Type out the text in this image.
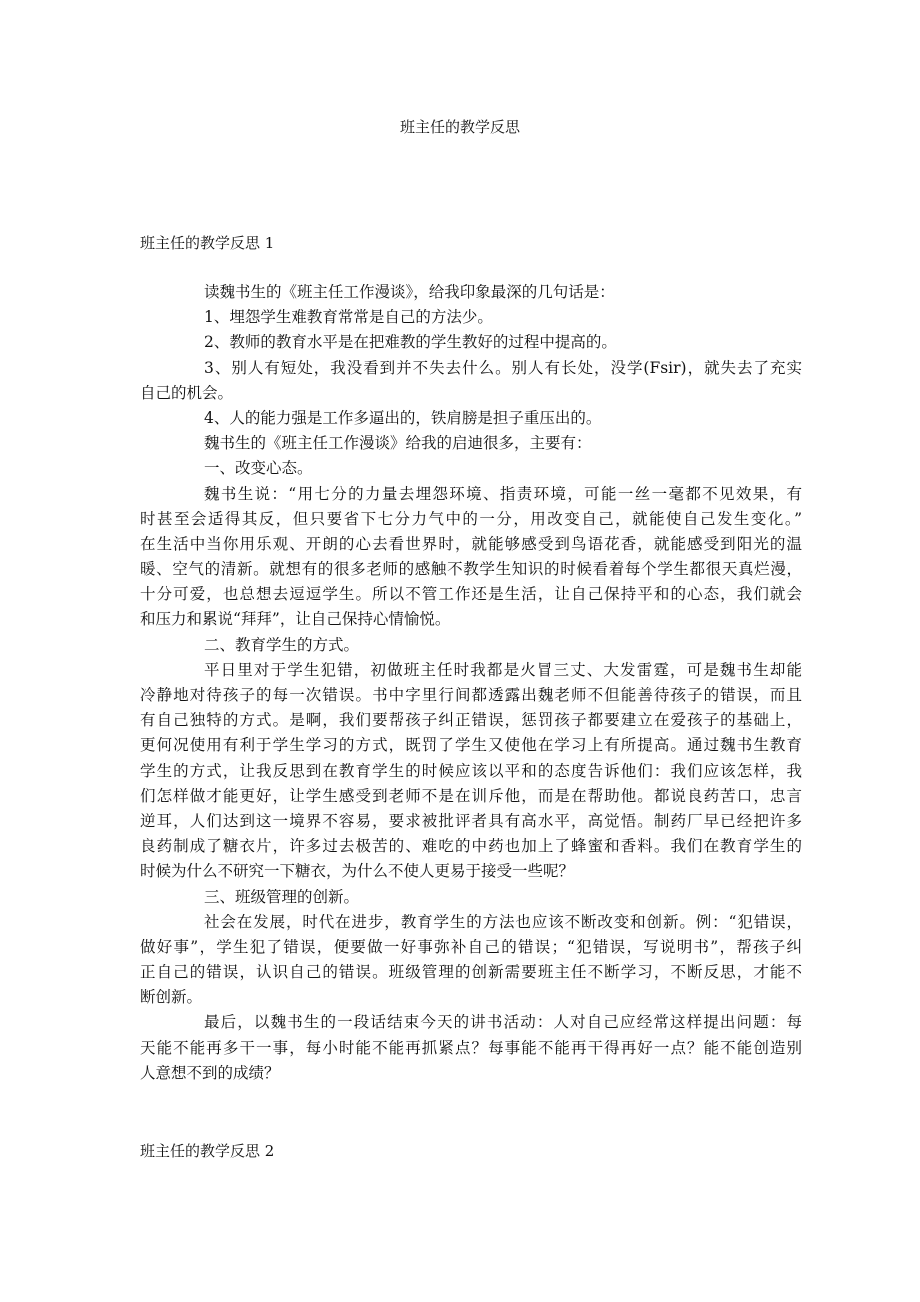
班主任的教学反思
班主任的教学反思 1
读魏书生的《班主任工作漫谈》，给我印象最深的几句话是：
1、埋怨学生难教育常常是自己的方法少。
2、教师的教育水平是在把难教的学生教好的过程中提高的。
3、别人有短处，我没看到并不失去什么。别人有长处，没学(Fsir)，就失去了充实
自己的机会。
4、人的能力强是工作多逼出的，铁肩膀是担子重压出的。
魏书生的《班主任工作漫谈》给我的启迪很多，主要有：
一、改变心态。
魏书生说：“用七分的力量去埋怨环境、指责环境，可能一丝一毫都不见效果，有
时甚至会适得其反，但只要省下七分力气中的一分，用改变自己，就能使自己发生变化。”
在生活中当你用乐观、开朗的心去看世界时，就能够感受到鸟语花香，就能感受到阳光的温
暖、空气的清新。就想有的很多老师的感触不教学生知识的时候看着每个学生都很天真烂漫，
十分可爱，也总想去逗逗学生。所以不管工作还是生活，让自己保持平和的心态，我们就会
和压力和累说“拜拜”，让自己保持心情愉悦。
二、教育学生的方式。
平日里对于学生犯错，初做班主任时我都是火冒三丈、大发雷霆，可是魏书生却能
冷静地对待孩子的每一次错误。书中字里行间都透露出魏老师不但能善待孩子的错误，而且
有自己独特的方式。是啊，我们要帮孩子纠正错误，惩罚孩子都要建立在爱孩子的基础上，
更何况使用有利于学生学习的方式，既罚了学生又使他在学习上有所提高。通过魏书生教育
学生的方式，让我反思到在教育学生的时候应该以平和的态度告诉他们：我们应该怎样，我
们怎样做才能更好，让学生感受到老师不是在训斥他，而是在帮助他。都说良药苦口，忠言
逆耳，人们达到这一境界不容易，要求被批评者具有高水平，高觉悟。制药厂早已经把许多
良药制成了糖衣片，许多过去极苦的、难吃的中药也加上了蜂蜜和香料。我们在教育学生的
时候为什么不研究一下糖衣，为什么不使人更易于接受一些呢？
三、班级管理的创新。
社会在发展，时代在进步，教育学生的方法也应该不断改变和创新。例：“犯错误，
做好事”，学生犯了错误，便要做一好事弥补自己的错误；“犯错误，写说明书”，帮孩子纠
正自己的错误，认识自己的错误。班级管理的创新需要班主任不断学习，不断反思，才能不
断创新。
最后，以魏书生的一段话结束今天的讲书活动：人对自己应经常这样提出问题：每
天能不能再多干一事，每小时能不能再抓紧点？每事能不能再干得再好一点？能不能创造别
人意想不到的成绩？
班主任的教学反思 2
